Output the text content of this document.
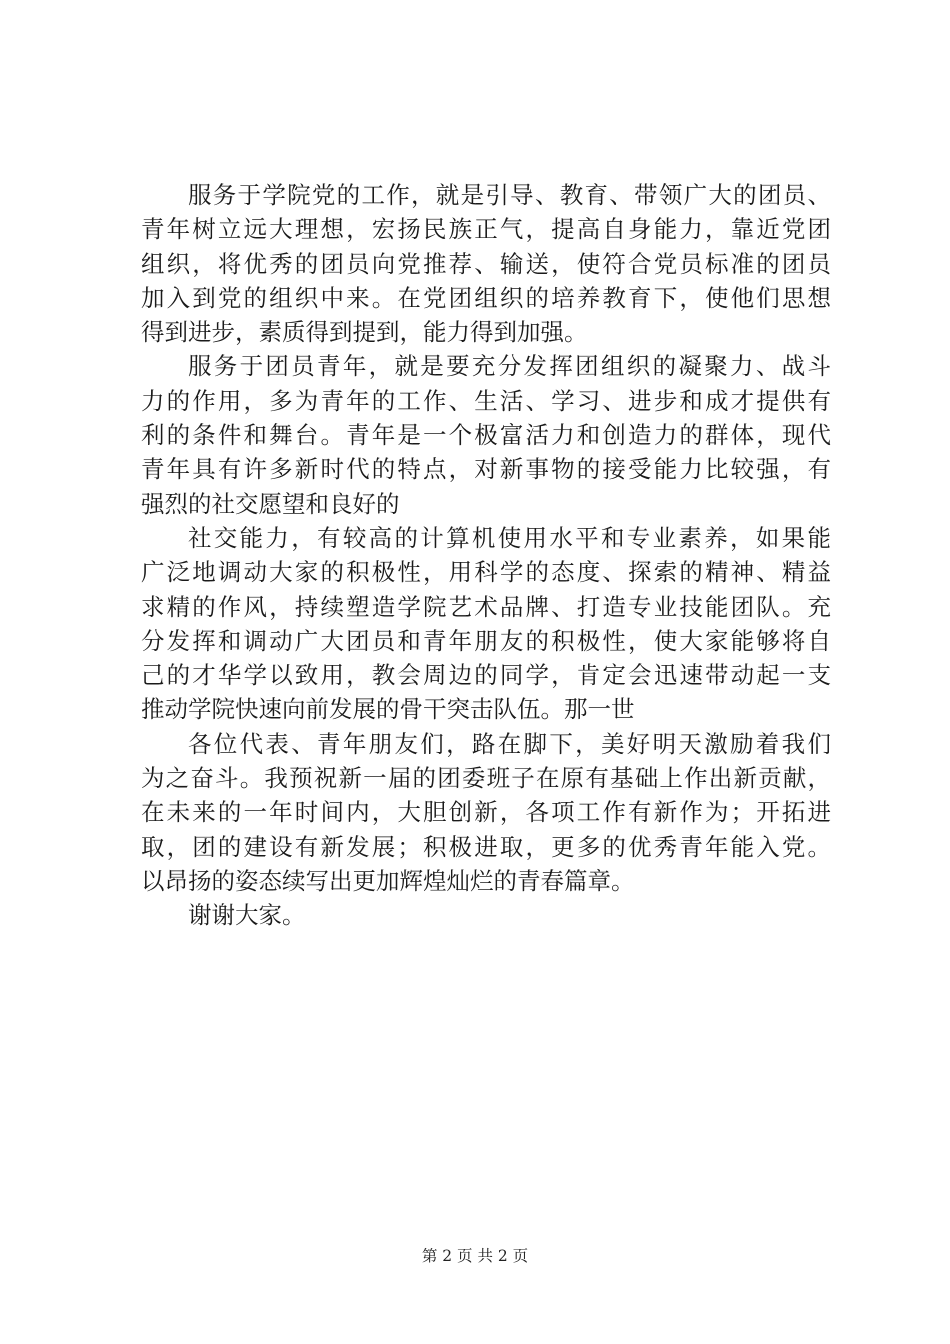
服务于学院党的工作，就是引导、教育、带领广大的团员、
青年树立远大理想，宏扬民族正气，提高自身能力，靠近党团
组织，将优秀的团员向党推荐、输送，使符合党员标准的团员
加入到党的组织中来。在党团组织的培养教育下，使他们思想
得到进步，素质得到提到，能力得到加强。
服务于团员青年，就是要充分发挥团组织的凝聚力、战斗
力的作用，多为青年的工作、生活、学习、进步和成才提供有
利的条件和舞台。青年是一个极富活力和创造力的群体，现代
青年具有许多新时代的特点，对新事物的接受能力比较强，有
强烈的社交愿望和良好的
社交能力，有较高的计算机使用水平和专业素养，如果能
广泛地调动大家的积极性，用科学的态度、探索的精神、精益
求精的作风，持续塑造学院艺术品牌、打造专业技能团队。充
分发挥和调动广大团员和青年朋友的积极性，使大家能够将自
己的才华学以致用，教会周边的同学，肯定会迅速带动起一支
推动学院快速向前发展的骨干突击队伍。那一世
各位代表、青年朋友们，路在脚下，美好明天激励着我们
为之奋斗。我预祝新一届的团委班子在原有基础上作出新贡献，
在未来的一年时间内，大胆创新，各项工作有新作为；开拓进
取，团的建设有新发展；积极进取，更多的优秀青年能入党。
以昂扬的姿态续写出更加辉煌灿烂的青春篇章。
谢谢大家。
第 2 页 共 2 页
